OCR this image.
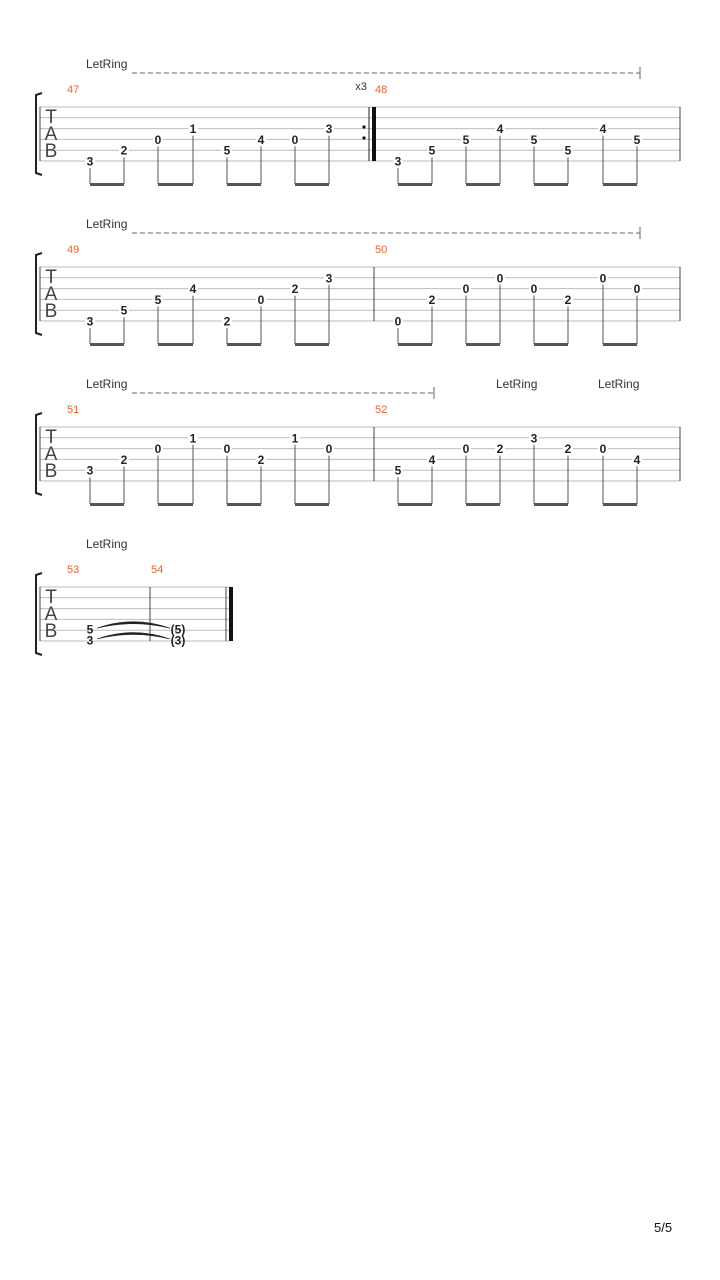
T
A
B
LetRing
x3
47
3
2
0
1
5
4 0
3
48
3
5
5
4
5
5
4
5
T
A
B
LetRing
49
3
5
5
4
2
0
2
3
50
0
2
0
0
0
2
0
0
T
A
B
LetRing	LetRing	LetRing
51
3
2
0
1
0
2
1
0
52
5
4
0 2
3
2 0
4
T
A
B
LetRing
53	54
5
3
(5)
(3)
5/5
